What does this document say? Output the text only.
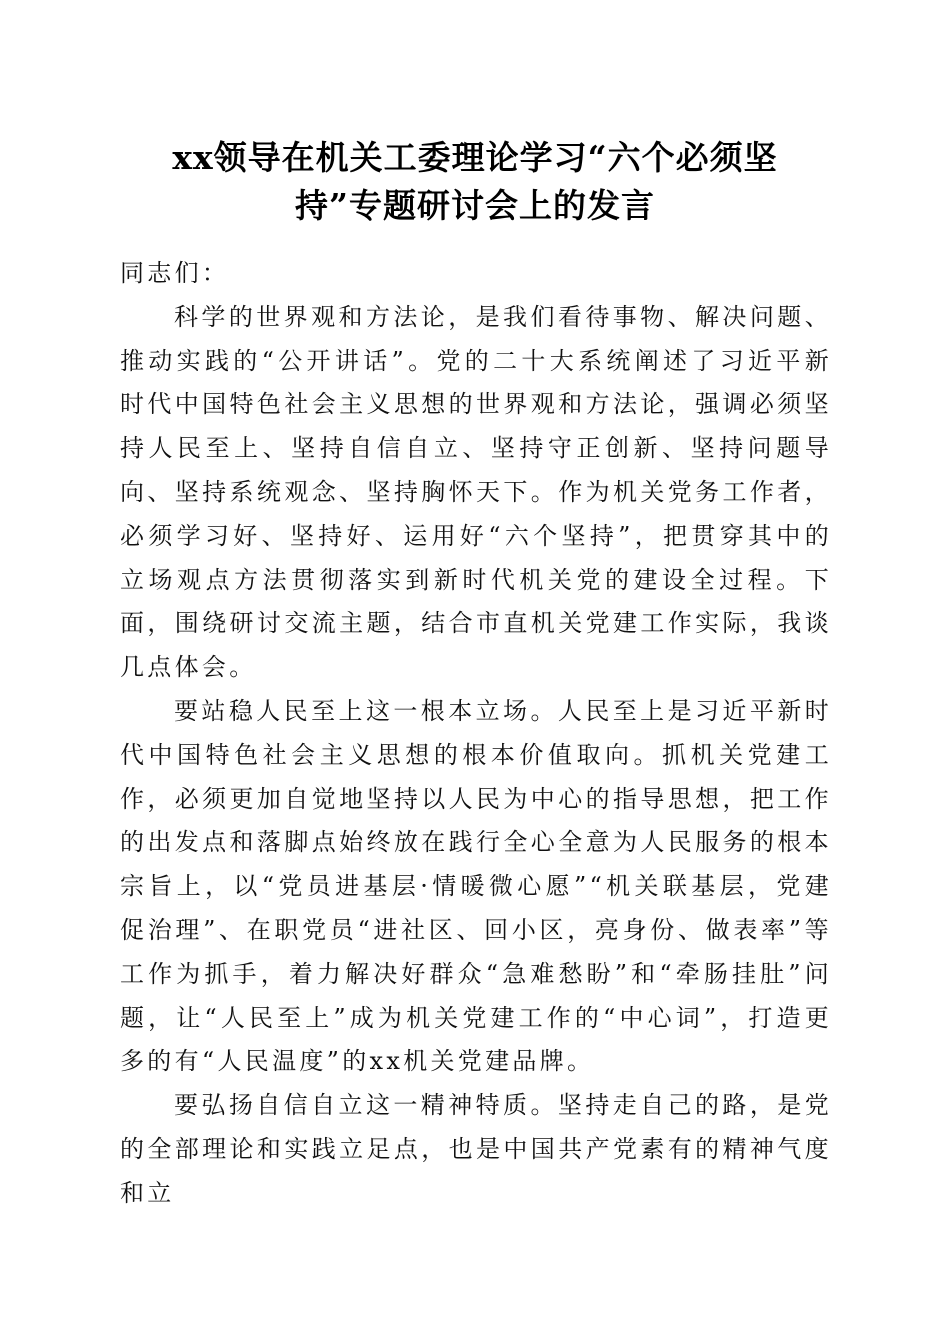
xx领导在机关工委理论学习“六个必须坚
持”专题研讨会上的发言

同志们：

科学的世界观和方法论，是我们看待事物、解决问题、推动实践的“公开讲话”。党的二十大系统阐述了习近平新时代中国特色社会主义思想的世界观和方法论，强调必须坚持人民至上、坚持自信自立、坚持守正创新、坚持问题导向、坚持系统观念、坚持胸怀天下。作为机关党务工作者，必须学习好、坚持好、运用好“六个坚持”，把贯穿其中的立场观点方法贯彻落实到新时代机关党的建设全过程。下面，围绕研讨交流主题，结合市直机关党建工作实际，我谈几点体会。

要站稳人民至上这一根本立场。人民至上是习近平新时代中国特色社会主义思想的根本价值取向。抓机关党建工作，必须更加自觉地坚持以人民为中心的指导思想，把工作的出发点和落脚点始终放在践行全心全意为人民服务的根本宗旨上，以“党员进基层·情暖微心愿”“机关联基层，党建促治理”、在职党员“进社区、回小区，亮身份、做表率”等工作为抓手，着力解决好群众“急难愁盼”和“牵肠挂肚”问题，让“人民至上”成为机关党建工作的“中心词”，打造更多的有“人民温度”的xx机关党建品牌。

要弘扬自信自立这一精神特质。坚持走自己的路，是党的全部理论和实践立足点，也是中国共产党素有的精神气度和立
